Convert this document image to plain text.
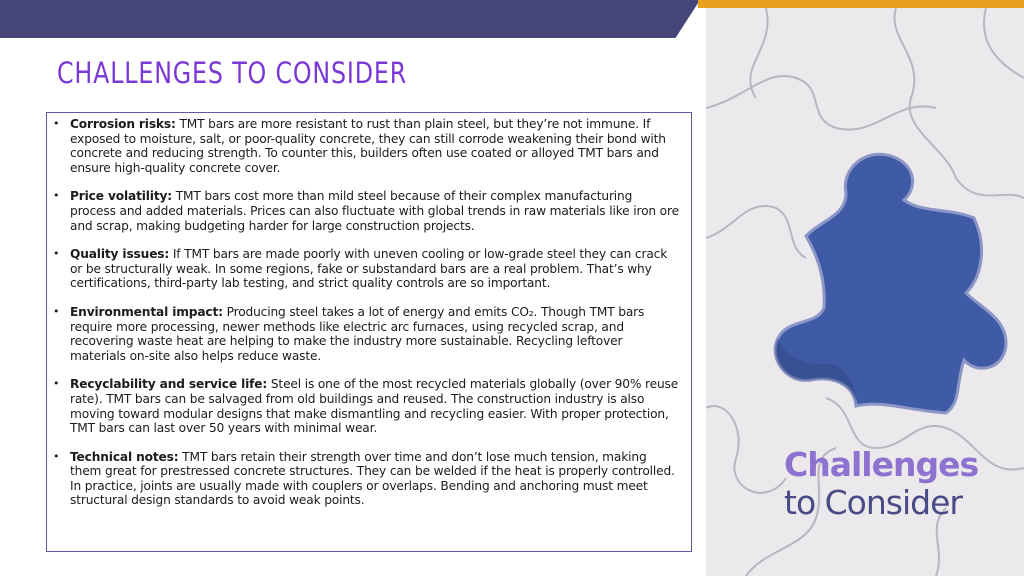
CHALLENGES TO CONSIDER
• Corrosion risks: TMT bars are more resistant to rust than plain steel, but they’re not immune. If exposed to moisture, salt, or poor-quality concrete, they can still corrode weakening their bond with concrete and reducing strength. To counter this, builders often use coated or alloyed TMT bars and ensure high-quality concrete cover.
• Price volatility: TMT bars cost more than mild steel because of their complex manufacturing process and added materials. Prices can also fluctuate with global trends in raw materials like iron ore and scrap, making budgeting harder for large construction projects.
• Quality issues: If TMT bars are made poorly with uneven cooling or low-grade steel they can crack or be structurally weak. In some regions, fake or substandard bars are a real problem. That’s why certifications, third-party lab testing, and strict quality controls are so important.
• Environmental impact: Producing steel takes a lot of energy and emits CO₂. Though TMT bars require more processing, newer methods like electric arc furnaces, using recycled scrap, and recovering waste heat are helping to make the industry more sustainable. Recycling leftover materials on-site also helps reduce waste.
• Recyclability and service life: Steel is one of the most recycled materials globally (over 90% reuse rate). TMT bars can be salvaged from old buildings and reused. The construction industry is also moving toward modular designs that make dismantling and recycling easier. With proper protection, TMT bars can last over 50 years with minimal wear.
• Technical notes: TMT bars retain their strength over time and don’t lose much tension, making them great for prestressed concrete structures. They can be welded if the heat is properly controlled. In practice, joints are usually made with couplers or overlaps. Bending and anchoring must meet structural design standards to avoid weak points.
Challenges
to Consider
